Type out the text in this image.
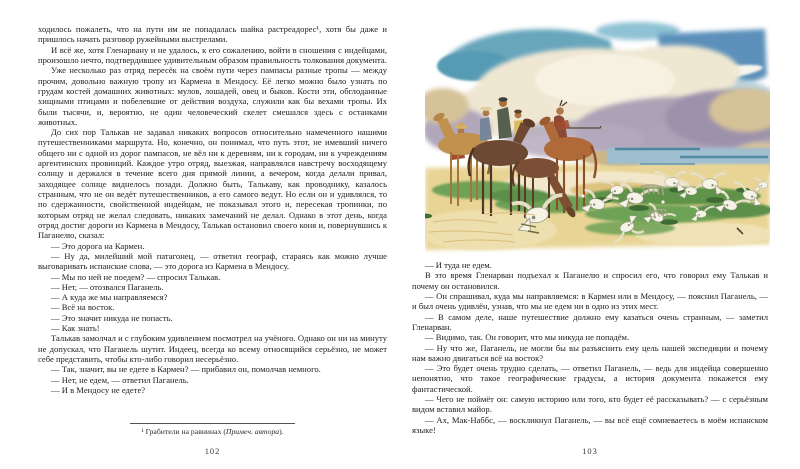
ходилось пожалеть, что на пути им не попадалась шайка растреадорес¹, хотя бы даже и пришлось начать разговор ружейными выстрелами.

И всё же, хотя Гленарвану и не удалось, к его сожалению, войти в сношения с индейцами, произошло нечто, подтвердившее удивительным образом правильность толкования документа.

Уже несколько раз отряд пересёк на своём пути через пампасы разные тропы — между прочим, довольно важную тропу из Кармена в Мендосу. Её легко можно было узнать по грудам костей домашних животных: мулов, лошадей, овец и быков. Кости эти, обглоданные хищными птицами и побелевшие от действия воздуха, служили как бы вехами тропы. Их были тысячи, и, вероятно, не один человеческий скелет смешался здесь с останками животных.

До сих пор Талькав не задавал никаких вопросов относительно намеченного нашими путешественниками маршрута. Но, конечно, он понимал, что путь этот, не имевший ничего общего ни с одной из дорог пампасов, не вёл ни к деревням, ни к городам, ни к учреждениям аргентинских провинций. Каждое утро отряд, выезжая, направлялся навстречу восходящему солнцу и держался в течение всего дня прямой линии, а вечером, когда делали привал, заходящее солнце виднелось позади. Должно быть, Талькаву, как проводнику, казалось странным, что не он ведёт путешественников, а его самого ведут. Но если он и удивлялся, то по сдержанности, свойственной индейцам, не показывал этого и, пересекая тропинки, по которым отряд не желал следовать, никаких замечаний не делал. Однако в этот день, когда отряд достиг дороги из Кармена в Мендосу, Талькав остановил своего коня и, повернувшись к Паганелю, сказал:

— Это дорога на Кармен.

— Ну да, милейший мой патагонец, — ответил географ, стараясь как можно лучше выговаривать испанские слова, — это дорога из Кармена в Мендосу.

— Мы по ней не поедем? — спросил Талькав.

— Нет, — отозвался Паганель.

— А куда же мы направляемся?

— Всё на восток.

— Это значит никуда не попасть.

— Как знать!

Талькав замолчал и с глубоким удивлением посмотрел на учёного. Однако он ни на минуту не допускал, что Паганель шутит. Индеец, всегда ко всему относящийся серьёзно, не может себе представить, чтобы кто-либо говорил несерьёзно.

— Так, значит, вы не едете в Кармен? — прибавил он, помолчав немного.

— Нет, не едем, — ответил Паганель.

— И в Мендосу не едете?

¹ Грабители на равнинах (Примеч. автора).
102

— И туда не едем.

В это время Гленарван подъехал к Паганелю и спросил его, что говорил ему Талькав и почему он остановился.

— Он спрашивал, куда мы направляемся: в Кармен или в Мендосу, — пояснил Паганель, — и был очень удивлён, узнав, что мы не едем ни в одно из этих мест.

— В самом деле, наше путешествие должно ему казаться очень странным, — заметил Гленарван.

— Видимо, так. Он говорит, что мы никуда не попадём.

— Ну что же, Паганель, не могли бы вы разъяснить ему цель нашей экспедиции и почему нам важно двигаться всё на восток?

— Это будет очень трудно сделать, — ответил Паганель, — ведь для индейца совершенно непонятно, что такое географические градусы, а история документа покажется ему фантастической.

— Чего не поймёт он: самую историю или того, кто будет её рассказывать? — с серьёзным видом вставил майор.

— Ах, Мак-Наббс, — воскликнул Паганель, — вы всё ещё сомневаетесь в моём испанском языке!

103
